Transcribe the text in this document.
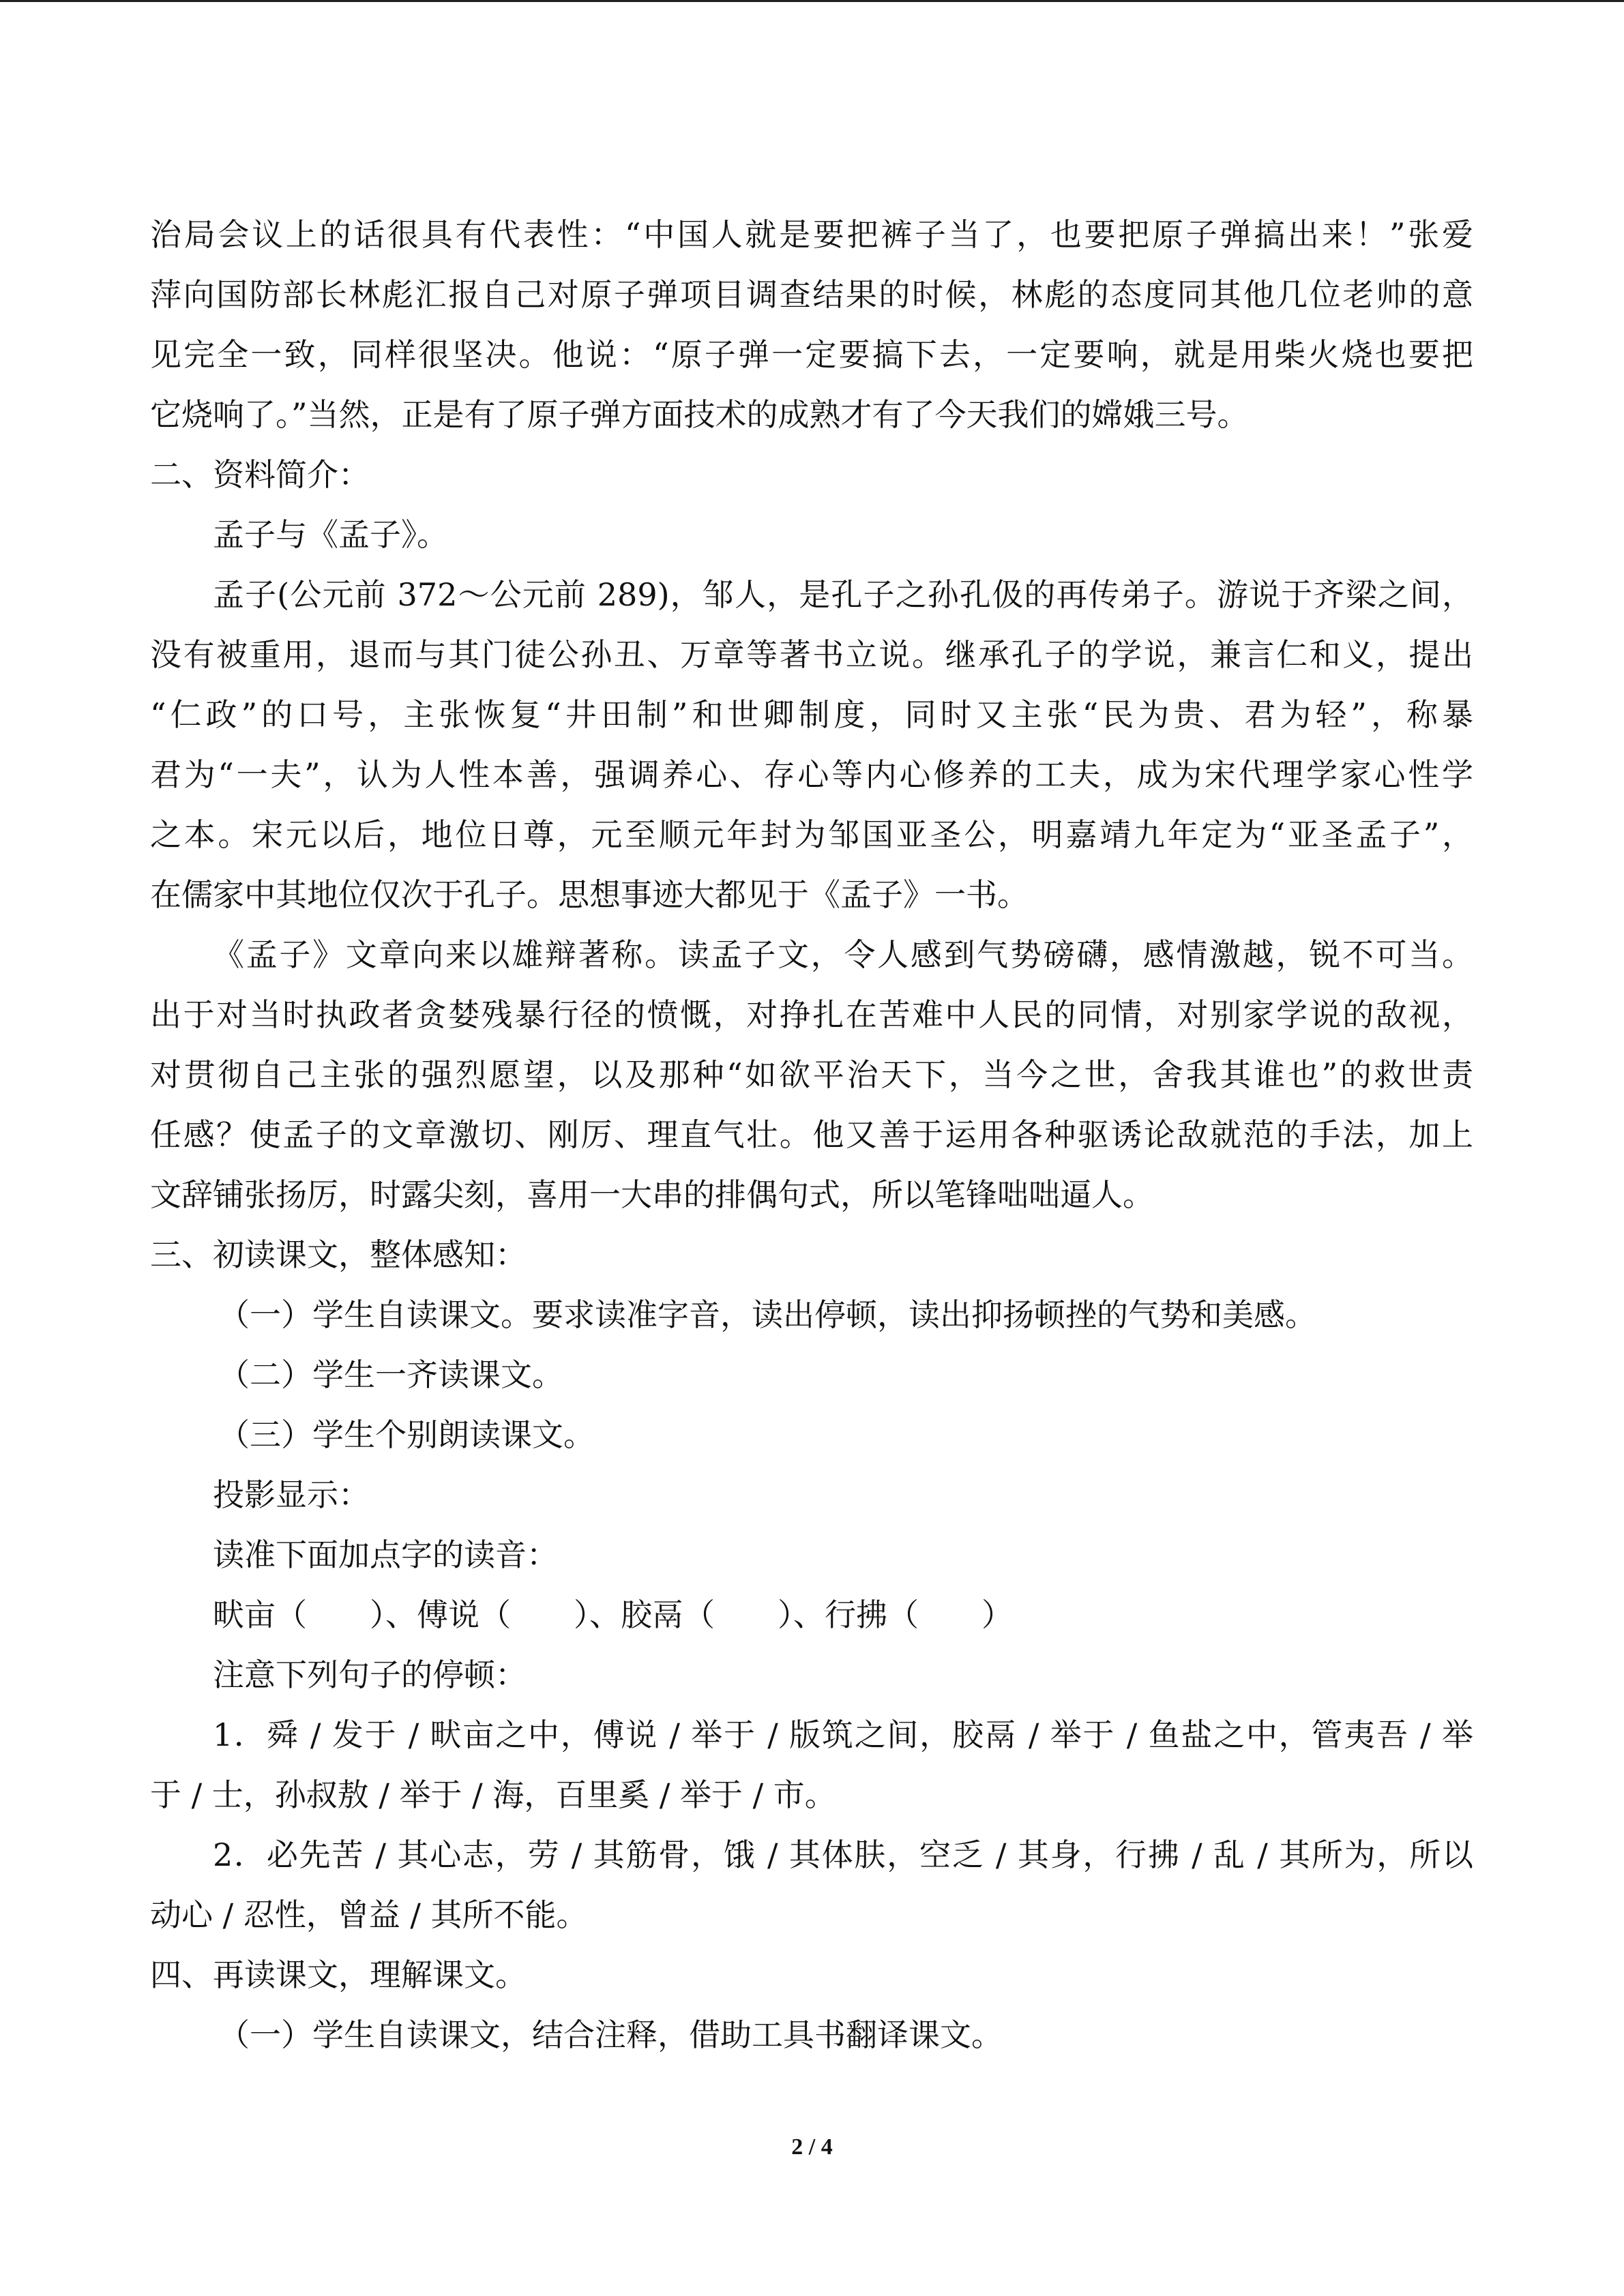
治局会议上的话很具有代表性：“中国人就是要把裤子当了，也要把原子弹搞出来！”张爱
萍向国防部长林彪汇报自己对原子弹项目调查结果的时候，林彪的态度同其他几位老帅的意
见完全一致，同样很坚决。他说：“原子弹一定要搞下去，一定要响，就是用柴火烧也要把
它烧响了。”当然，正是有了原子弹方面技术的成熟才有了今天我们的嫦娥三号。
二、资料简介：
孟子与《孟子》。
孟子(公元前 372～公元前 289)，邹人，是孔子之孙孔伋的再传弟子。游说于齐梁之间，
没有被重用，退而与其门徒公孙丑、万章等著书立说。继承孔子的学说，兼言仁和义，提出
“仁政”的口号，主张恢复“井田制”和世卿制度，同时又主张“民为贵、君为轻”，称暴
君为“一夫”，认为人性本善，强调养心、存心等内心修养的工夫，成为宋代理学家心性学
之本。宋元以后，地位日尊，元至顺元年封为邹国亚圣公，明嘉靖九年定为“亚圣孟子”，
在儒家中其地位仅次于孔子。思想事迹大都见于《孟子》一书。
《孟子》文章向来以雄辩著称。读孟子文，令人感到气势磅礴，感情激越，锐不可当。
出于对当时执政者贪婪残暴行径的愤慨，对挣扎在苦难中人民的同情，对别家学说的敌视，
对贯彻自己主张的强烈愿望，以及那种“如欲平治天下，当今之世，舍我其谁也”的救世责
任感？使孟子的文章激切、刚厉、理直气壮。他又善于运用各种驱诱论敌就范的手法，加上
文辞铺张扬厉，时露尖刻，喜用一大串的排偶句式，所以笔锋咄咄逼人。
三、初读课文，整体感知：
（一）学生自读课文。要求读准字音，读出停顿，读出抑扬顿挫的气势和美感。
（二）学生一齐读课文。
（三）学生个别朗读课文。
投影显示：
读准下面加点字的读音：
畎亩（　　）、傅说（　　）、胶鬲（　　）、行拂（　　）
注意下列句子的停顿：
1．舜 / 发于 / 畎亩之中，傅说 / 举于 / 版筑之间，胶鬲 / 举于 / 鱼盐之中，管夷吾 / 举
于 / 士，孙叔敖 / 举于 / 海，百里奚 / 举于 / 市。
2．必先苦 / 其心志，劳 / 其筋骨，饿 / 其体肤，空乏 / 其身，行拂 / 乱 / 其所为，所以
动心 / 忍性，曾益 / 其所不能。
四、再读课文，理解课文。
（一）学生自读课文，结合注释，借助工具书翻译课文。
2 / 4
